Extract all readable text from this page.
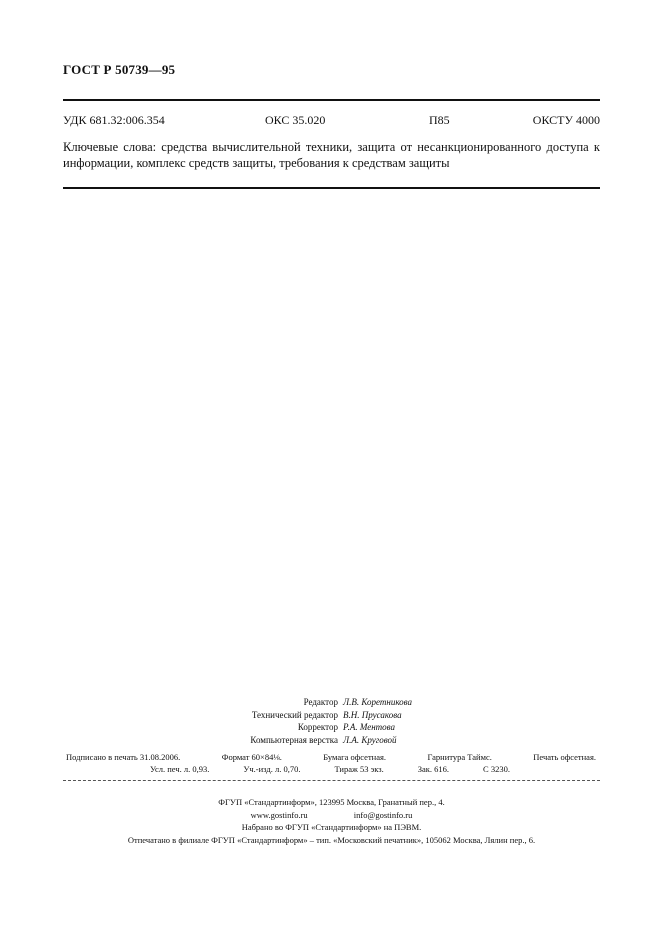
ГОСТ Р 50739—95
УДК 681.32:006.354	ОКС 35.020	П85	ОКСТУ 4000
Ключевые слова: средства вычислительной техники, защита от несанкционированного доступа к информации, комплекс средств защиты, требования к средствам защиты
Редактор Л.В. Коретникова
Технический редактор В.Н. Прусакова
Корректор Р.А. Ментова
Компьютерная верстка Л.А. Круговой
Подписано в печать 31.08.2006.	Формат 60×84⅛.	Бумага офсетная.	Гарнитура Таймс.	Печать офсетная.
Усл. печ. л. 0,93.	Уч.-изд. л. 0,70.	Тираж 53 экз.	Зак. 616.	С 3230.
ФГУП «Стандартинформ», 123995 Москва, Гранатный пер., 4.
www.gostinfo.ru	info@gostinfo.ru
Набрано во ФГУП «Стандартинформ» на ПЭВМ.
Отпечатано в филиале ФГУП «Стандартинформ» – тип. «Московский печатник», 105062 Москва, Лялин пер., 6.
